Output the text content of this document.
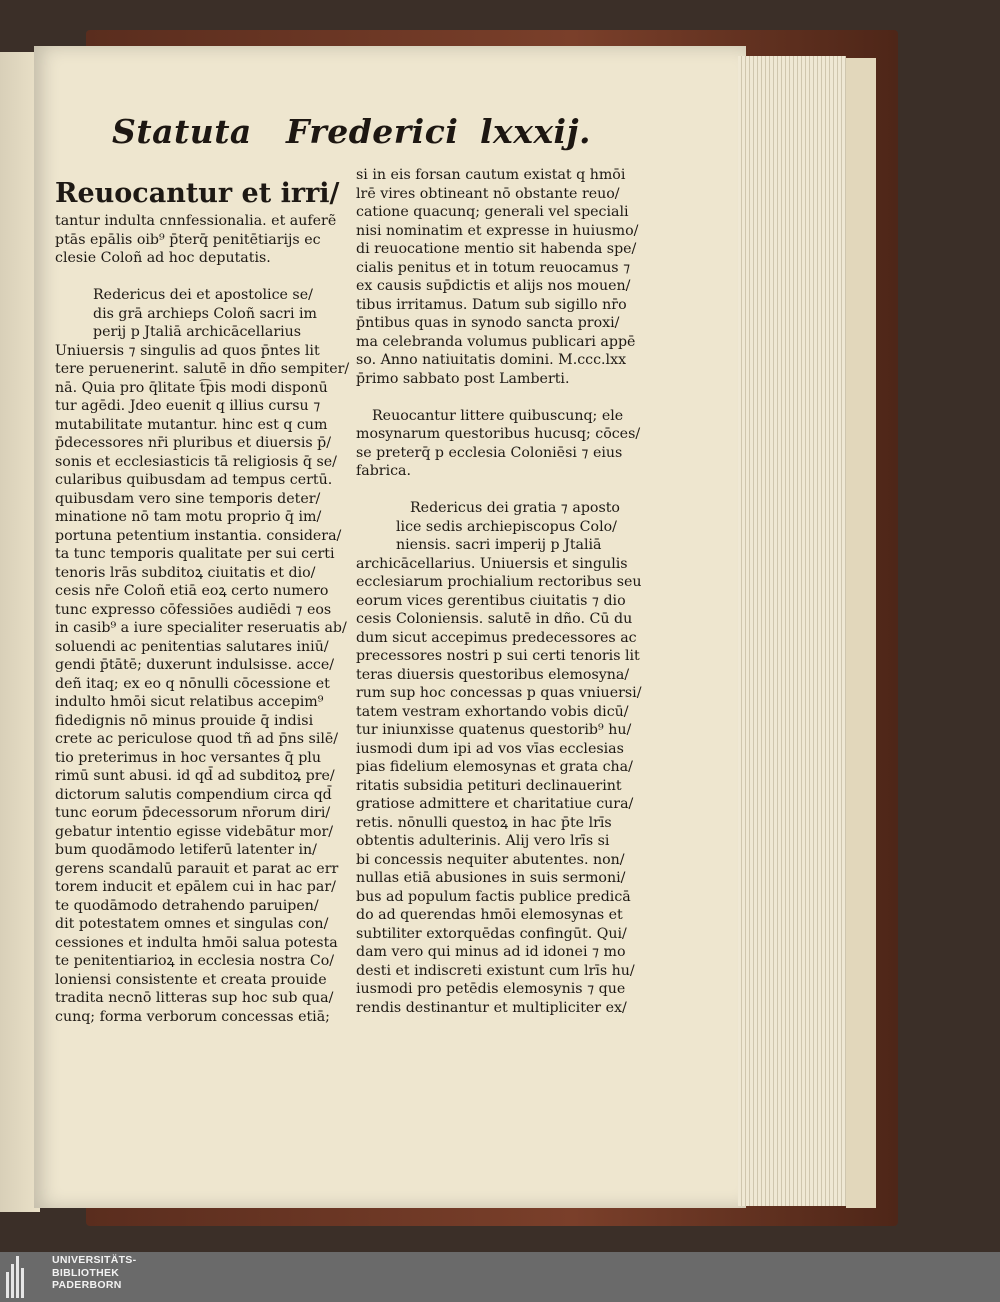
Statuta Frederici lxxxij.
Reuocantur et irri/
tantur indulta cnnfessionalia. et auferẽ
ptās epālis oib⁹ p̄terq̄ penitētiarijs ec
clesie Coloñ ad hoc deputatis.
Redericus dei et apostolice se/
dis grā archieps Coloñ sacri im
perij p Jtaliā archicācellarius
Uniuersis ⁊ singulis ad quos p̄ntes lit
tere peruenerint. salutē in dño sempiter/
nā. Quia pro q̄litate t͡pis modi disponū
tur agēdi. Jdeo euenit q illius cursu ⁊
mutabilitate mutantur. hinc est q cum
p̄decessores nr̄i pluribus et diuersis p̄/
sonis et ecclesiasticis tā religiosis q̄ se/
cularibus quibusdam ad tempus certū.
quibusdam vero sine temporis deter/
minatione nō tam motu proprio q̄ im/
portuna petentium instantia. considera/
ta tunc temporis qualitate per sui certi
tenoris lrās subditoꝝ ciuitatis et dio/
cesis nr̄e Coloñ etiā eoꝝ certo numero
tunc expresso cōfessiōes audiēdi ⁊ eos
in casib⁹ a iure specialiter reseruatis ab/
soluendi ac penitentias salutares iniū/
gendi p̄tātē; duxerunt indulsisse. acce/
deñ itaq; ex eo q nōnulli cōcessione et
indulto hmōi sicut relatibus accepim⁹
fidedignis nō minus prouide q̄ indisi
crete ac periculose quod tñ ad p̄ns silē/
tio preterimus in hoc versantes q̄ plu
rimū sunt abusi. id qd̄ ad subditoꝝ pre/
dictorum salutis compendium circa qd̄
tunc eorum p̄decessorum nr̄orum diri/
gebatur intentio egisse videbātur mor/
bum quodāmodo letiferū latenter in/
gerens scandalū parauit et parat ac err
torem inducit et epālem cui in hac par/
te quodāmodo detrahendo paruipen/
dit potestatem omnes et singulas con/
cessiones et indulta hmōi salua potesta
te penitentiarioꝝ in ecclesia nostra Co/
loniensi consistente et creata prouide
tradita necnō litteras sup hoc sub qua/
cunq; forma verborum concessas etiā;
si in eis forsan cautum existat q hmōi
lrē vires obtineant nō obstante reuo/
catione quacunq; generali vel speciali
nisi nominatim et expresse in huiusmo/
di reuocatione mentio sit habenda spe/
cialis penitus et in totum reuocamus ⁊
ex causis sup̄dictis et alijs nos mouen/
tibus irritamus. Datum sub sigillo nr̄o
p̄ntibus quas in synodo sancta proxi/
ma celebranda volumus publicari appē
so. Anno natiuitatis domini. M.ccc.lxx
p̄rimo sabbato post Lamberti.
Reuocantur littere quibuscunq; ele
mosynarum questoribus hucusq; cōces/
se preterq̄ p ecclesia Coloniēsi ⁊ eius
fabrica.
Redericus dei gratia ⁊ aposto
lice sedis archiepiscopus Colo/
niensis. sacri imperij p Jtaliā
archicācellarius. Uniuersis et singulis
ecclesiarum prochialium rectoribus seu
eorum vices gerentibus ciuitatis ⁊ dio
cesis Coloniensis. salutē in dño. Cū du
dum sicut accepimus predecessores ac
precessores nostri p sui certi tenoris lit
teras diuersis questoribus elemosyna/
rum sup hoc concessas p quas vniuersi/
tatem vestram exhortando vobis dicū/
tur iniunxisse quatenus questorib⁹ hu/
iusmodi dum ipi ad vos vīas ecclesias
pias fidelium elemosynas et grata cha/
ritatis subsidia petituri declinauerint
gratiose admittere et charitatiue cura/
retis. nōnulli questoꝝ in hac p̄te lrīs
obtentis adulterinis. Alij vero lrīs si
bi concessis nequiter abutentes. non/
nullas etiā abusiones in suis sermoni/
bus ad populum factis publice predicā
do ad querendas hmōi elemosynas et
subtiliter extorquēdas confingūt. Qui/
dam vero qui minus ad id idonei ⁊ mo
desti et indiscreti existunt cum lrīs hu/
iusmodi pro petēdis elemosynis ⁊ que
rendis destinantur et multipliciter ex/
UNIVERSITÄTS-
BIBLIOTHEK
PADERBORN
